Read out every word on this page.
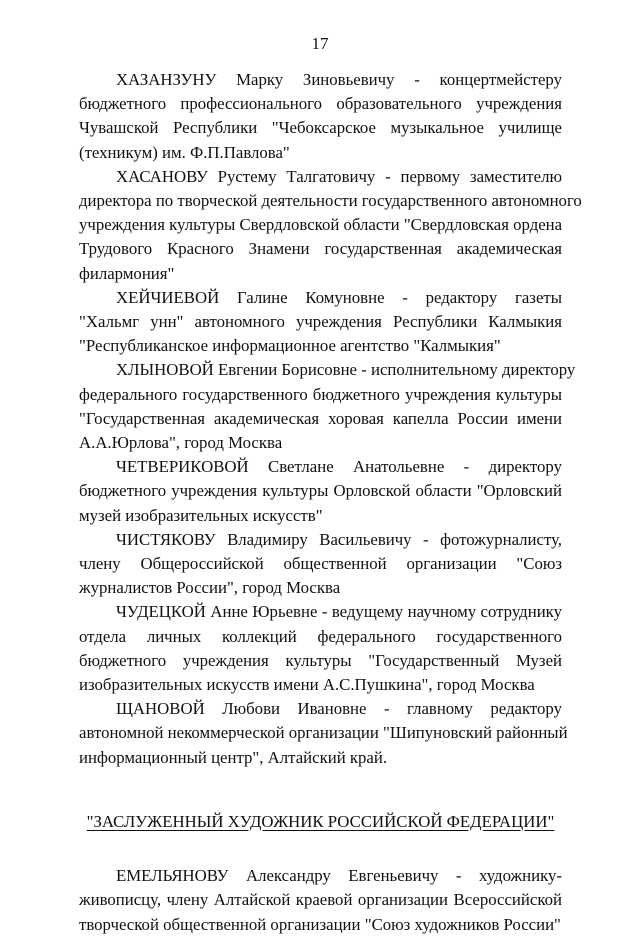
17

ХАЗАНЗУНУ Марку Зиновьевичу - концертмейстеру
бюджетного профессионального образовательного учреждения
Чувашской Республики "Чебоксарское музыкальное училище
(техникум) им. Ф.П.Павлова"

ХАСАНОВУ Рустему Талгатовичу - первому заместителю
директора по творческой деятельности государственного автономного
учреждения культуры Свердловской области "Свердловская ордена
Трудового Красного Знамени государственная академическая
филармония"

ХЕЙЧИЕВОЙ Галине Комуновне - редактору газеты
"Хальмг унн" автономного учреждения Республики Калмыкия
"Республиканское информационное агентство "Калмыкия"

ХЛЫНОВОЙ Евгении Борисовне - исполнительному директору
федерального государственного бюджетного учреждения культуры
"Государственная академическая хоровая капелла России имени
А.А.Юрлова", город Москва

ЧЕТВЕРИКОВОЙ Светлане Анатольевне - директору
бюджетного учреждения культуры Орловской области "Орловский
музей изобразительных искусств"

ЧИСТЯКОВУ Владимиру Васильевичу - фотожурналисту,
члену Общероссийской общественной организации "Союз
журналистов России", город Москва

ЧУДЕЦКОЙ Анне Юрьевне - ведущему научному сотруднику
отдела личных коллекций федерального государственного
бюджетного учреждения культуры "Государственный Музей
изобразительных искусств имени А.С.Пушкина", город Москва

ЩАНОВОЙ Любови Ивановне - главному редактору
автономной некоммерческой организации "Шипуновский районный
информационный центр", Алтайский край.

"ЗАСЛУЖЕННЫЙ ХУДОЖНИК РОССИЙСКОЙ ФЕДЕРАЦИИ"

ЕМЕЛЬЯНОВУ Александру Евгеньевичу - художнику-
живописцу, члену Алтайской краевой организации Всероссийской
творческой общественной организации "Союз художников России"
